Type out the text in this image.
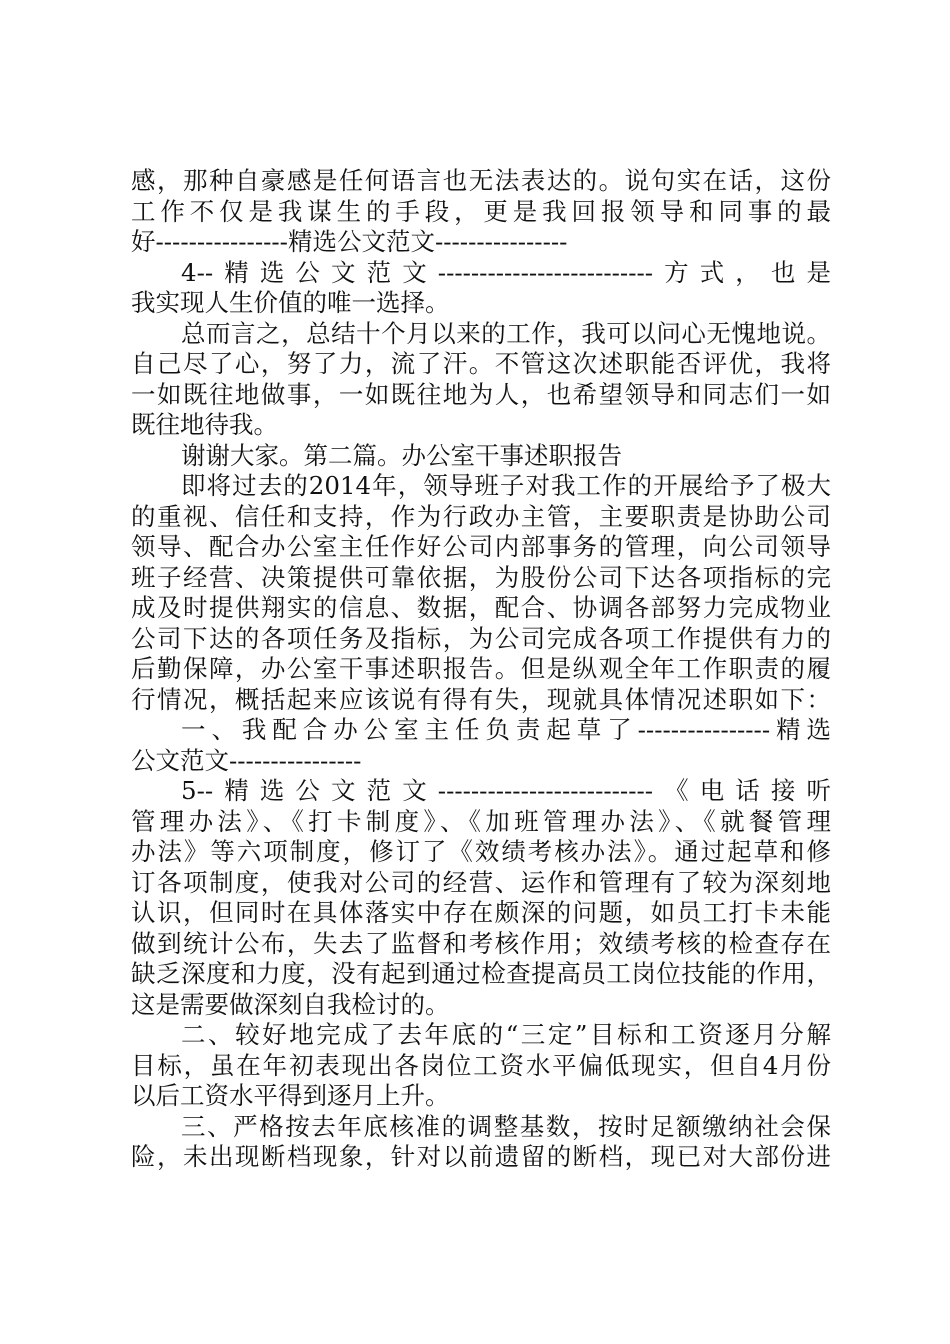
感，那种自豪感是任何语言也无法表达的。说句实在话，这份
工作不仅是我谋生的手段，更是我回报领导和同事的最
好----------------精选公文范文----------------
4--精选公文范文--------------------------方式，也是
我实现人生价值的唯一选择。
总而言之，总结十个月以来的工作，我可以问心无愧地说。
自己尽了心，努了力，流了汗。不管这次述职能否评优，我将
一如既往地做事，一如既往地为人，也希望领导和同志们一如
既往地待我。
谢谢大家。第二篇。办公室干事述职报告
即将过去的2014年，领导班子对我工作的开展给予了极大
的重视、信任和支持，作为行政办主管，主要职责是协助公司
领导、配合办公室主任作好公司内部事务的管理，向公司领导
班子经营、决策提供可靠依据，为股份公司下达各项指标的完
成及时提供翔实的信息、数据，配合、协调各部努力完成物业
公司下达的各项任务及指标，为公司完成各项工作提供有力的
后勤保障，办公室干事述职报告。但是纵观全年工作职责的履
行情况，概括起来应该说有得有失，现就具体情况述职如下：
一、我配合办公室主任负责起草了----------------精选
公文范文----------------
5--精选公文范文--------------------------《电话接听
管理办法》、《打卡制度》、《加班管理办法》、《就餐管理
办法》等六项制度，修订了《效绩考核办法》。通过起草和修
订各项制度，使我对公司的经营、运作和管理有了较为深刻地
认识，但同时在具体落实中存在颇深的问题，如员工打卡未能
做到统计公布，失去了监督和考核作用；效绩考核的检查存在
缺乏深度和力度，没有起到通过检查提高员工岗位技能的作用，
这是需要做深刻自我检讨的。
二、较好地完成了去年底的“三定”目标和工资逐月分解
目标，虽在年初表现出各岗位工资水平偏低现实，但自4月份
以后工资水平得到逐月上升。
三、严格按去年底核准的调整基数，按时足额缴纳社会保
险，未出现断档现象，针对以前遗留的断档，现已对大部份进
